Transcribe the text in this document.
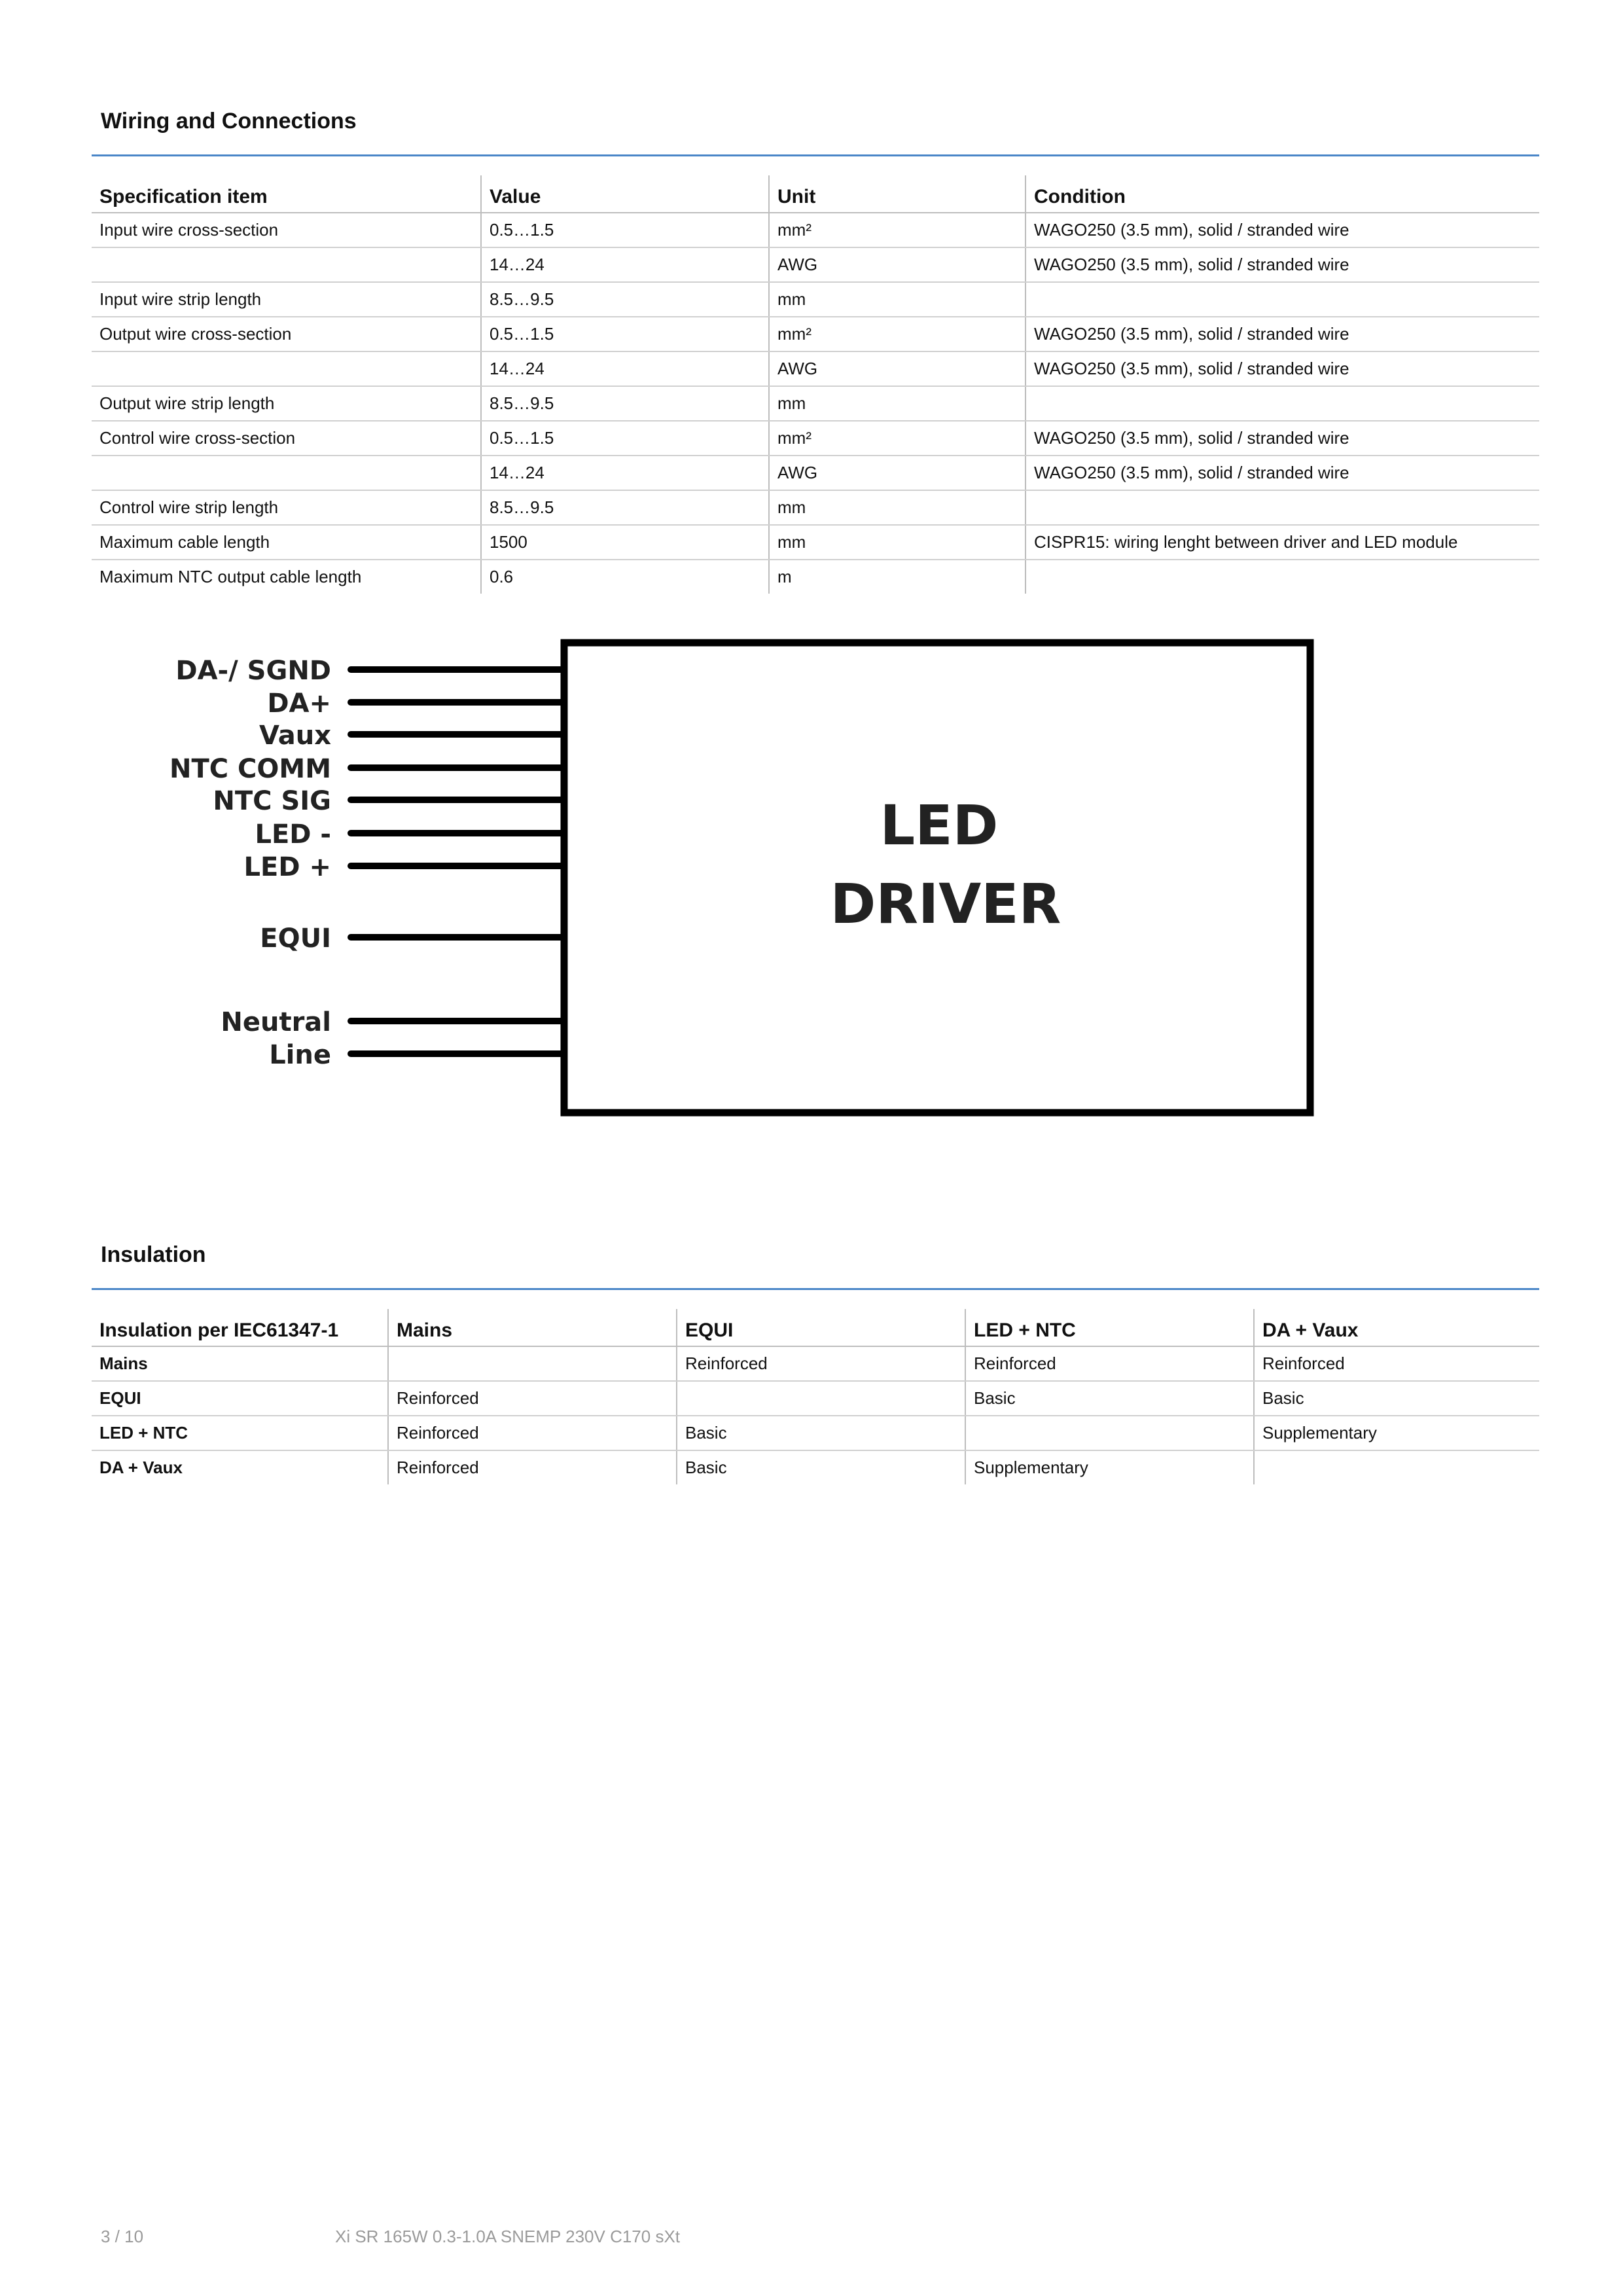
Wiring and Connections
Specification item	Value	Unit	Condition
Input wire cross-section	0.5…1.5	mm²	WAGO250 (3.5 mm), solid / stranded wire
	14…24	AWG	WAGO250 (3.5 mm), solid / stranded wire
Input wire strip length	8.5…9.5	mm	
Output wire cross-section	0.5…1.5	mm²	WAGO250 (3.5 mm), solid / stranded wire
	14…24	AWG	WAGO250 (3.5 mm), solid / stranded wire
Output wire strip length	8.5…9.5	mm	
Control wire cross-section	0.5…1.5	mm²	WAGO250 (3.5 mm), solid / stranded wire
	14…24	AWG	WAGO250 (3.5 mm), solid / stranded wire
Control wire strip length	8.5…9.5	mm	
Maximum cable length	1500	mm	CISPR15: wiring lenght between driver and LED module
Maximum NTC output cable length	0.6	m	
DA-/ SGND
DA+
Vaux
NTC COMM
NTC SIG
LED -
LED +
EQUI
Neutral
Line
LED
DRIVER
Insulation
Insulation per IEC61347-1	Mains	EQUI	LED + NTC	DA + Vaux
Mains		Reinforced	Reinforced	Reinforced
EQUI	Reinforced		Basic	Basic
LED + NTC	Reinforced	Basic		Supplementary
DA + Vaux	Reinforced	Basic	Supplementary	
3 / 10	Xi SR 165W 0.3-1.0A SNEMP 230V C170 sXt
